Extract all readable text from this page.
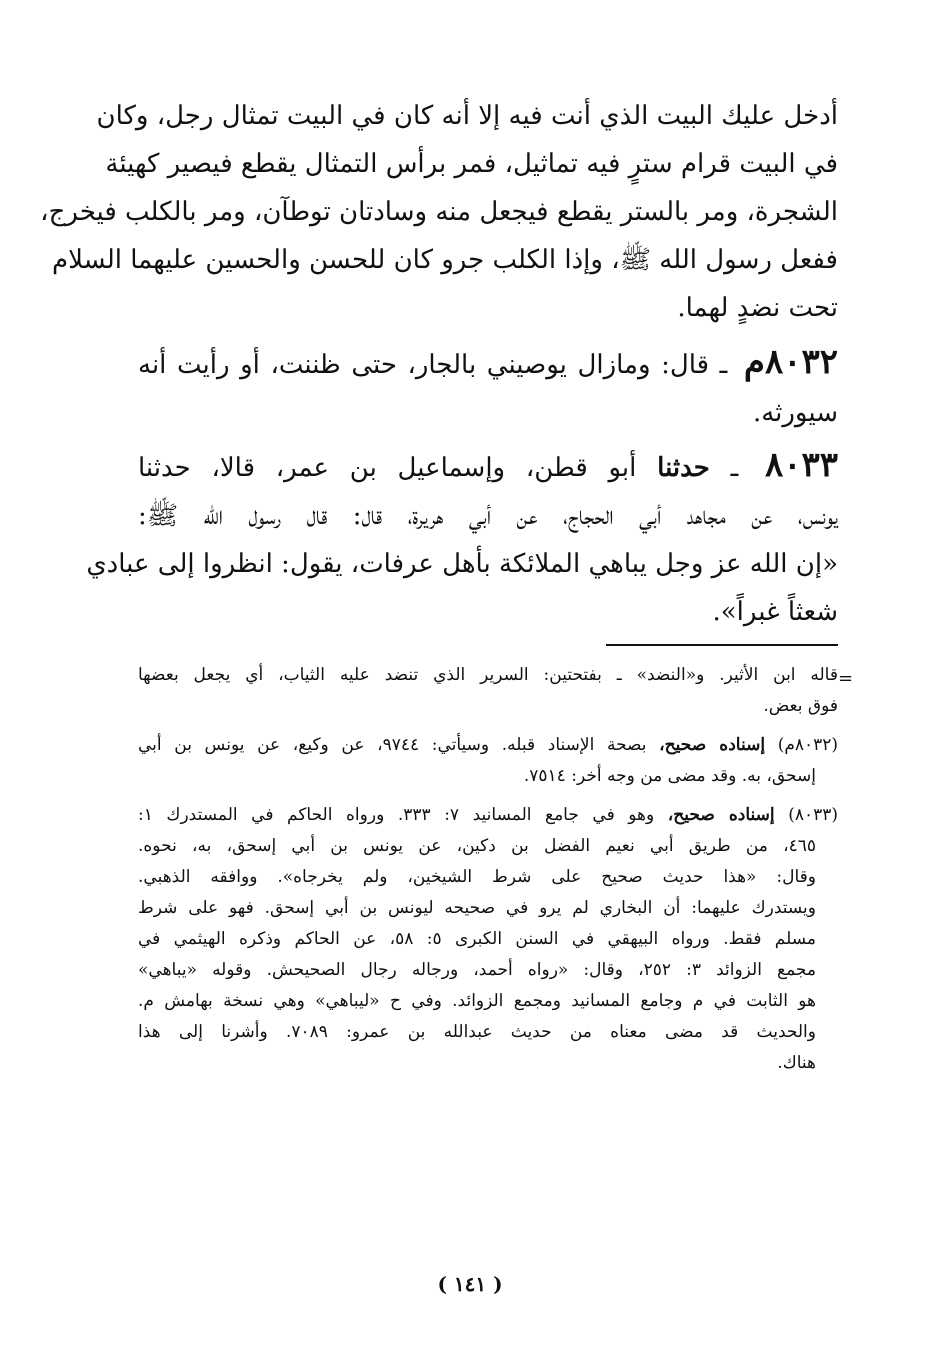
أدخل عليك البيت الذي أنت فيه إلا أنه كان في البيت تمثال رجل، وكان

في البيت قرام سترٍ فيه تماثيل، فمر برأس التمثال يقطع فيصير كهيئة

الشجرة، ومر بالستر يقطع فيجعل منه وسادتان توطآن، ومر بالكلب فيخرج،

ففعل رسول الله ﷺ، وإذا الكلب جرو كان للحسن والحسين عليهما السلام

تحت نضدٍ لهما.

٨٠٣٢م ـ قال: ومازال يوصيني بالجار، حتى ظننت، أو رأيت أنه

سيورثه.

٨٠٣٣ ـ حدثنا أبو قطن، وإسماعيل بن عمر، قالا، حدثنا

يونس، عن مجاهد أبي الحجاج، عن أبي هريرة، قال: قال رسول الله ﷺ:

«إن الله عز وجل يباهي الملائكة بأهل عرفات، يقول: انظروا إلى عبادي

شعثاً غبراً».

=

قاله ابن الأثير. و«النضد» ـ بفتحتين: السرير الذي تنضد عليه الثياب، أي يجعل بعضها

فوق بعض.

(٨٠٣٢م) إسناده صحيح، بصحة الإسناد قبله. وسيأتي: ٩٧٤٤، عن وكيع، عن يونس بن أبي

إسحق، به. وقد مضى من وجه أخر: ٧٥١٤.

(٨٠٣٣) إسناده صحيح، وهو في جامع المسانيد ٧: ٣٣٣. ورواه الحاكم في المستدرك ١:

٤٦٥، من طريق أبي نعيم الفضل بن دكين، عن يونس بن أبي إسحق، به، نحوه.

وقال: «هذا حديث صحيح على شرط الشيخين، ولم يخرجاه». ووافقه الذهبي.

ويستدرك عليهما: أن البخاري لم يرو في صحيحه ليونس بن أبي إسحق. فهو على شرط

مسلم فقط. ورواه البيهقي في السنن الكبرى ٥: ٥٨، عن الحاكم وذكره الهيثمي في

مجمع الزوائد ٣: ٢٥٢، وقال: «رواه أحمد، ورجاله رجال الصحيحش. وقوله «يباهي»

هو الثابت في م وجامع المسانيد ومجمع الزوائد. وفي ح «ليباهي» وهي نسخة بهامش م.

والحديث قد مضى معناه من حديث عبدالله بن عمرو: ٧٠٨٩. وأشرنا إلى هذا

هناك.

( ١٤١ )
